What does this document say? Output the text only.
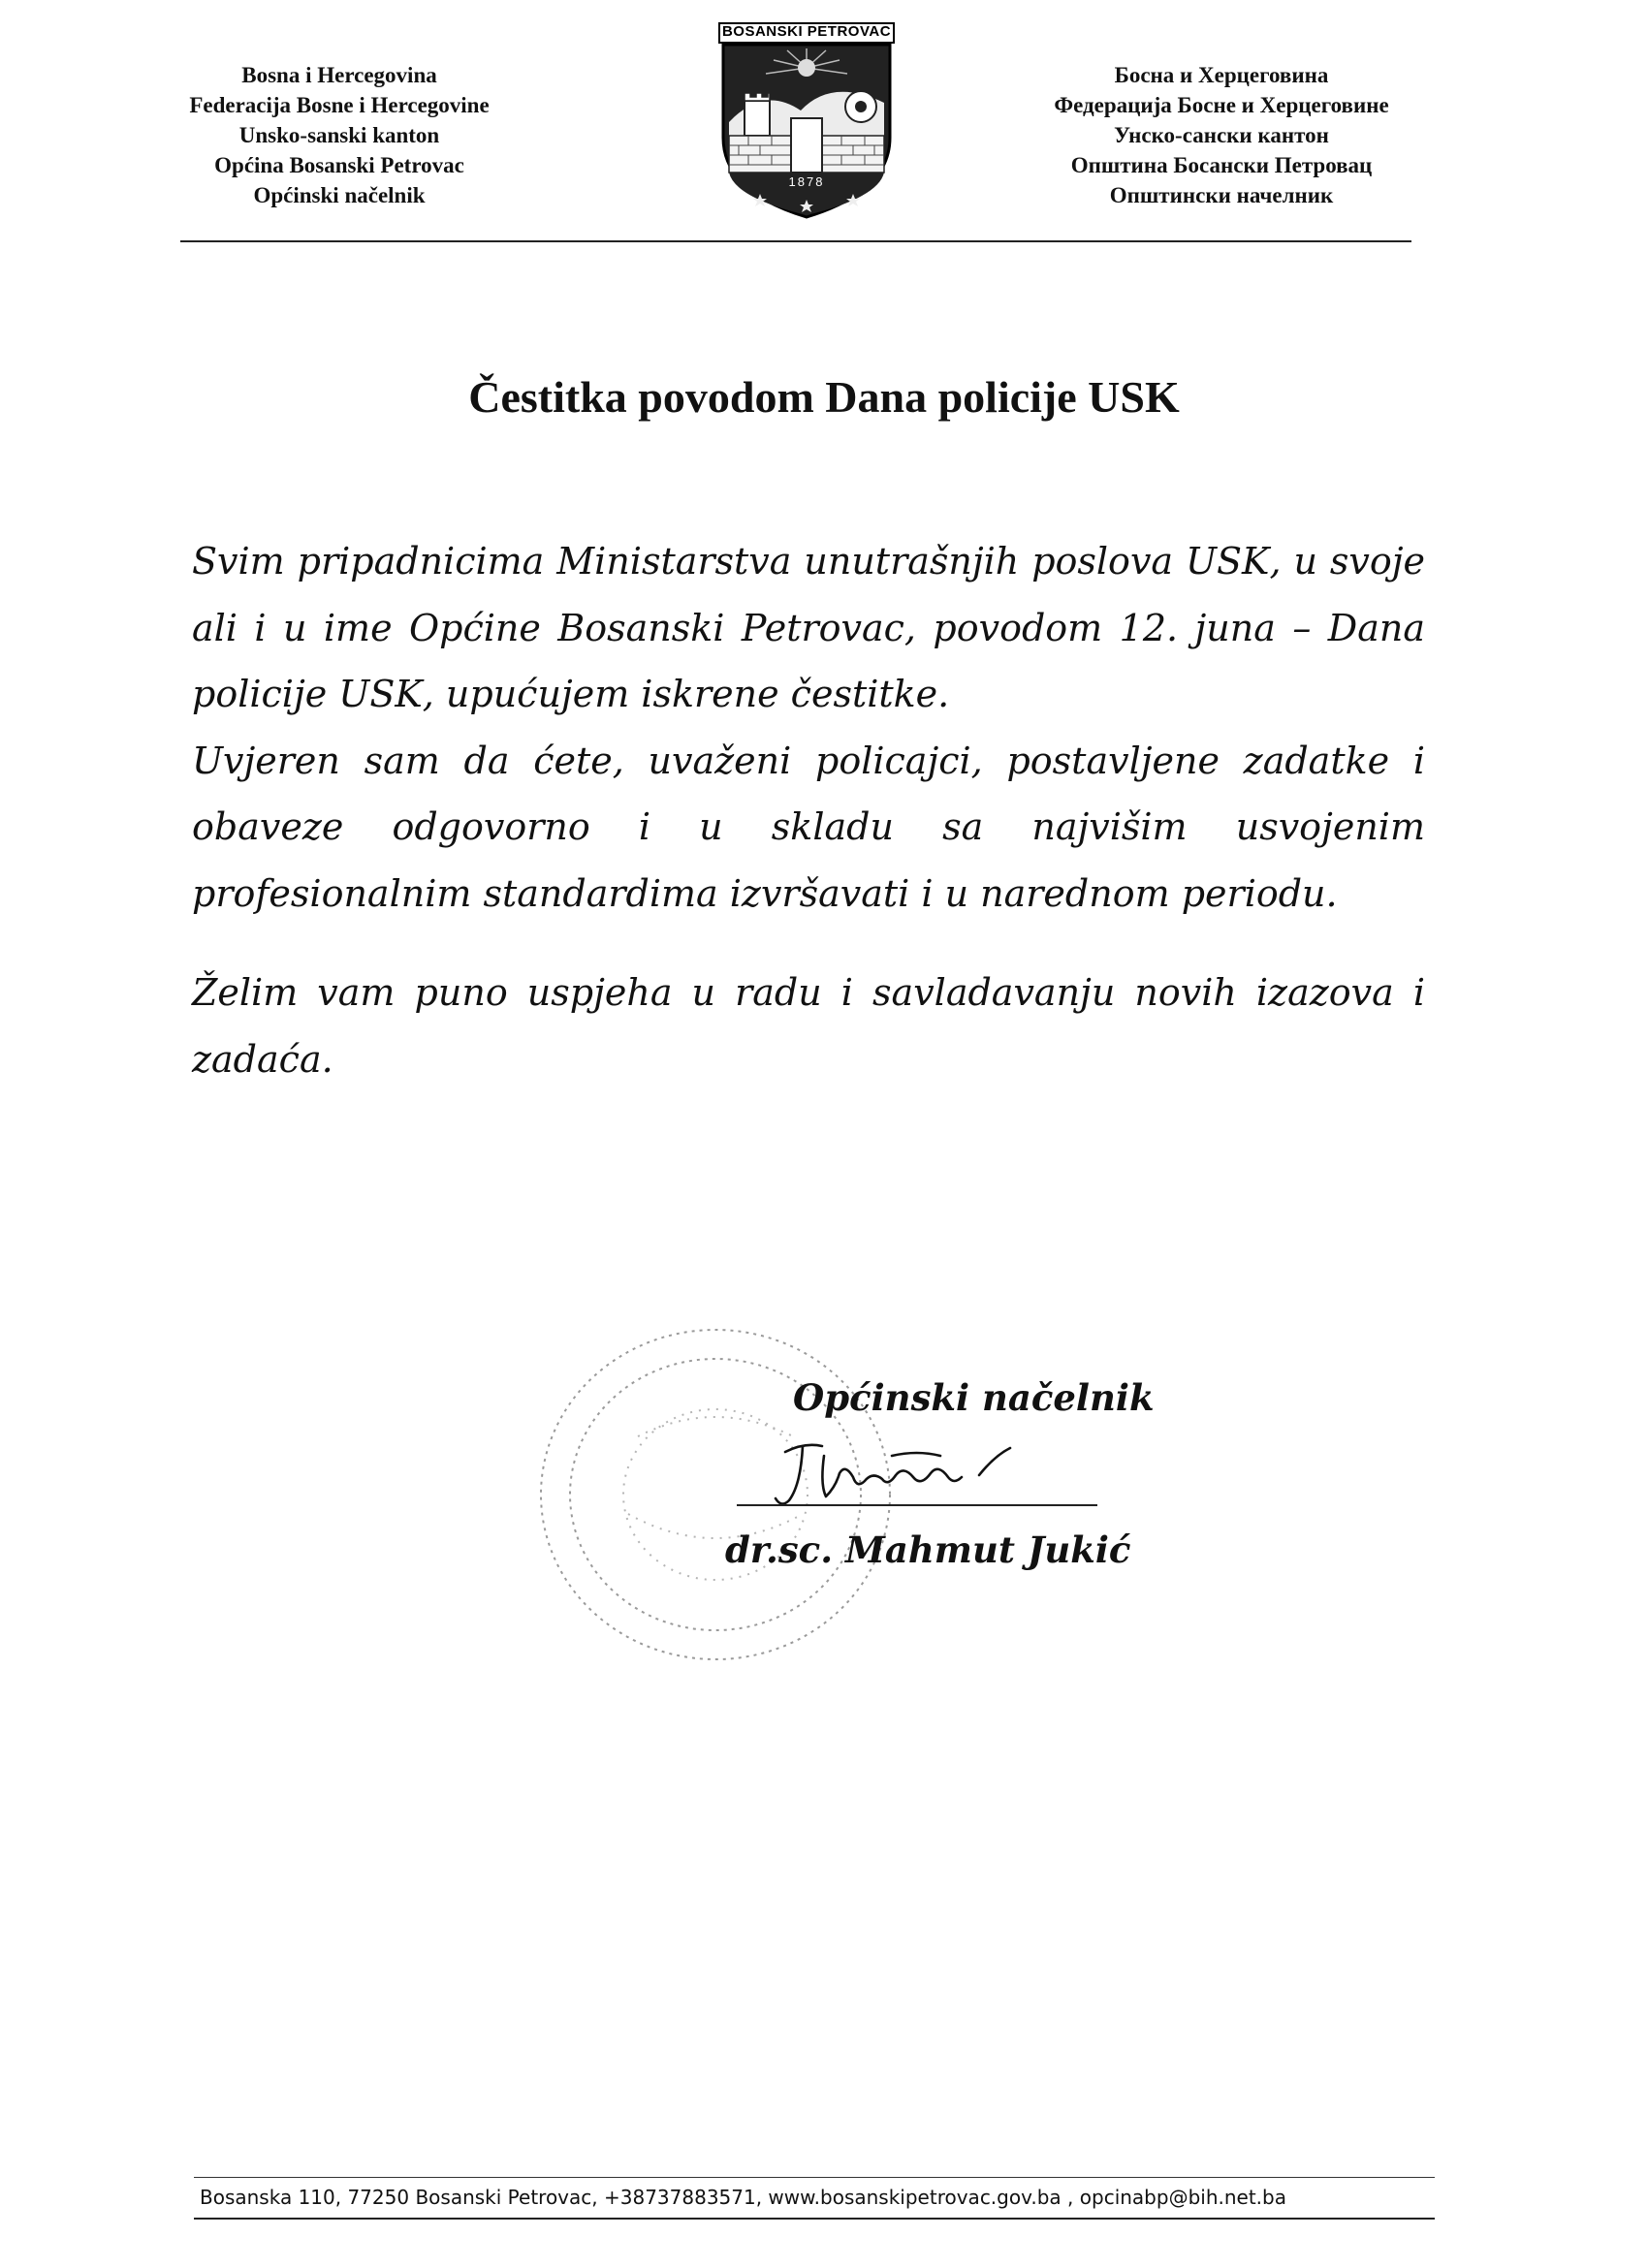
Bosna i Hercegovina
Federacija Bosne i Hercegovine
Unsko-sanski kanton
Općina Bosanski Petrovac
Općinski načelnik
BOSANSKI PETROVAC
1878
Босна и Херцеговина
Федерација Босне и Херцеговине
Унско-сански кантон
Општина Босански Петровац
Општински начелник
Čestitka povodom Dana policije USK

Svim pripadnicima Ministarstva unutrašnjih poslova USK, u svoje ali i u ime Općine Bosanski Petrovac, povodom 12. juna – Dana policije USK, upućujem iskrene čestitke.

Uvjeren sam da ćete, uvaženi policajci, postavljene zadatke i obaveze odgovorno i u skladu sa najvišim usvojenim profesionalnim standardima izvršavati i u narednom periodu.

Želim vam puno uspjeha u radu i savladavanju novih izazova i zadaća.

Općinski načelnik
dr.sc. Mahmut Jukić
Bosanska 110, 77250 Bosanski Petrovac, +38737883571, www.bosanskipetrovac.gov.ba , opcinabp@bih.net.ba
